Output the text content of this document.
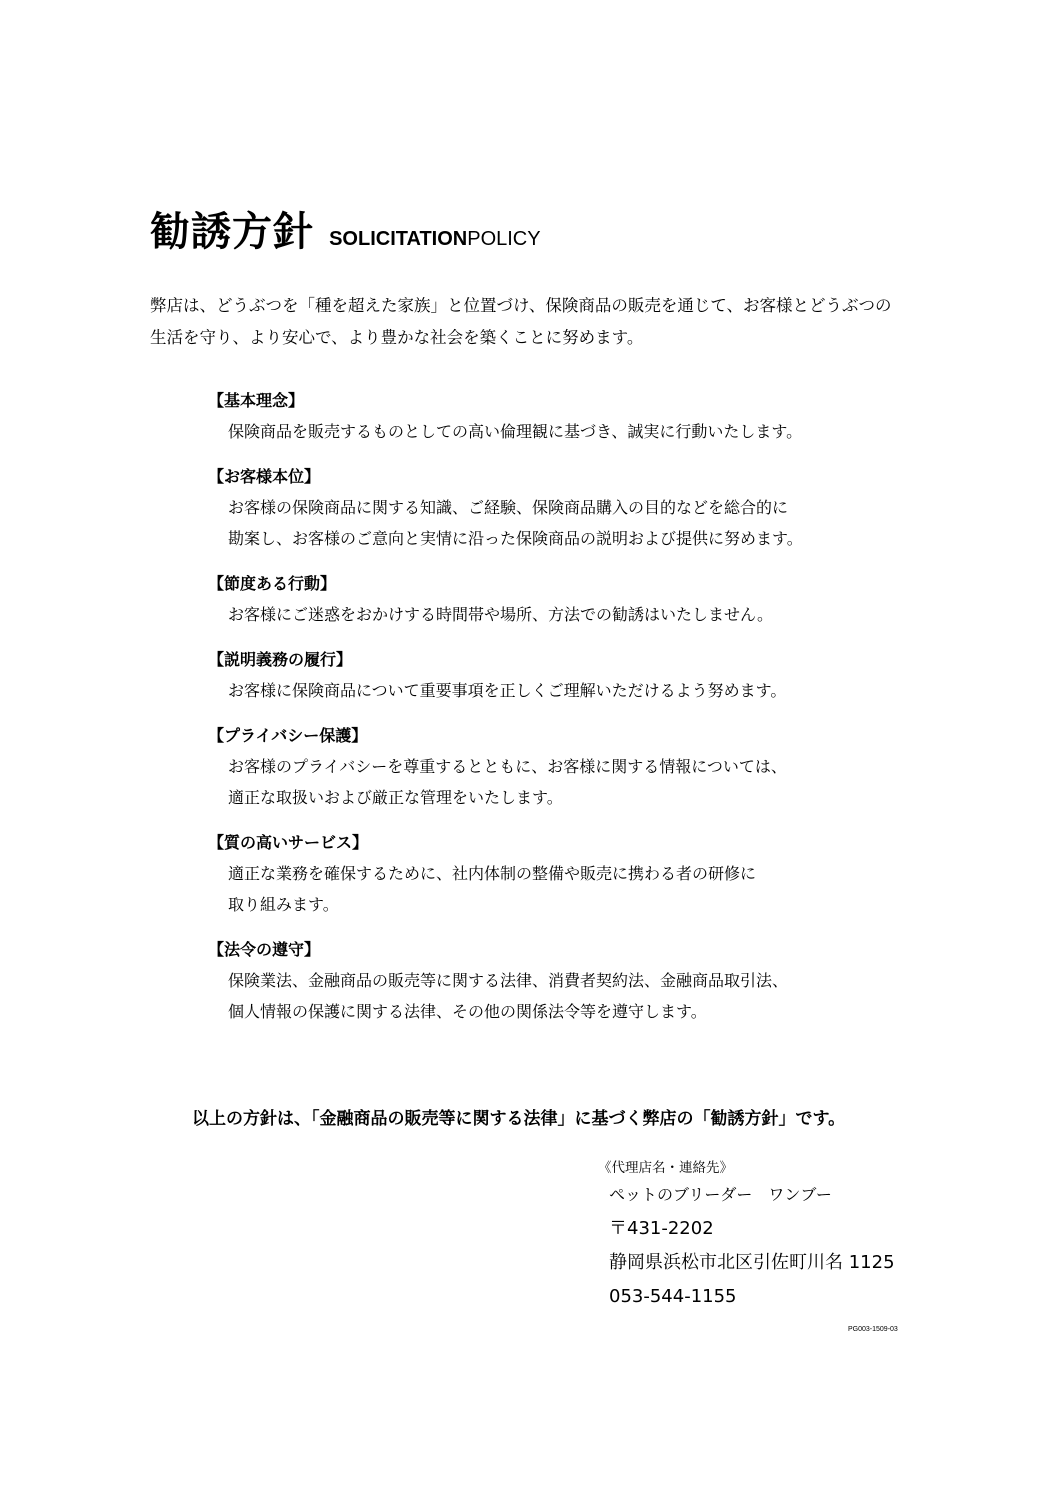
勧誘方針 SOLICITATIONPOLICY

弊店は、どうぶつを「種を超えた家族」と位置づけ、保険商品の販売を通じて、お客様とどうぶつの

生活を守り、より安心で、より豊かな社会を築くことに努めます。

【基本理念】

保険商品を販売するものとしての高い倫理観に基づき、誠実に行動いたします。

【お客様本位】

お客様の保険商品に関する知識、ご経験、保険商品購入の目的などを総合的に

勘案し、お客様のご意向と実情に沿った保険商品の説明および提供に努めます。

【節度ある行動】

お客様にご迷惑をおかけする時間帯や場所、方法での勧誘はいたしません。

【説明義務の履行】

お客様に保険商品について重要事項を正しくご理解いただけるよう努めます。

【プライバシー保護】

お客様のプライバシーを尊重するとともに、お客様に関する情報については、

適正な取扱いおよび厳正な管理をいたします。

【質の高いサービス】

適正な業務を確保するために、社内体制の整備や販売に携わる者の研修に

取り組みます。

【法令の遵守】

保険業法、金融商品の販売等に関する法律、消費者契約法、金融商品取引法、

個人情報の保護に関する法律、その他の関係法令等を遵守します。

以上の方針は、「金融商品の販売等に関する法律」に基づく弊店の「勧誘方針」です。
《代理店名・連絡先》
ペットのブリーダー　ワンブー
〒431-2202
静岡県浜松市北区引佐町川名 1125
053-544-1155
PG003-1509-03
